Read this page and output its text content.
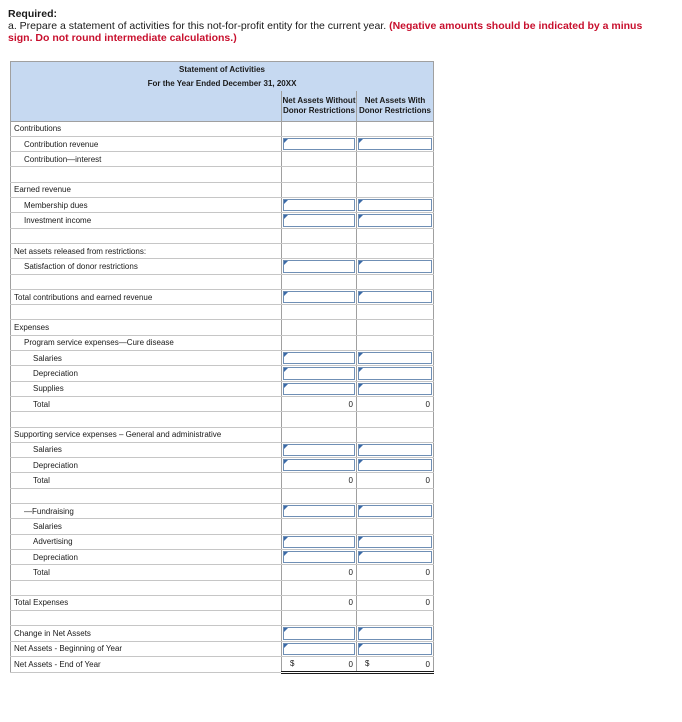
Required:
a. Prepare a statement of activities for this not-for-profit entity for the current year. (Negative amounts should be indicated by a minus sign. Do not round intermediate calculations.)
Statement of Activities		
For the Year Ended December 31, 20XX		
	Net Assets Without Donor Restrictions	Net Assets With Donor Restrictions
Contributions		
Contribution revenue	

Contribution—interest		

Earned revenue		
Membership dues	

Investment income	

Net assets released from restrictions:		
Satisfaction of donor restrictions	

Total contributions and earned revenue	

Expenses		
Program service expenses—Cure disease		
Salaries	

Depreciation	

Supplies	

Total	0	0

Supporting service expenses – General and administrative		
Salaries	

Depreciation	

Total	0	0

—Fundraising	

Salaries		
Advertising	

Depreciation	

Total	0	0

Total Expenses	0	0

Change in Net Assets	

Net Assets - Beginning of Year	

Net Assets - End of Year	$ 0	$ 0
